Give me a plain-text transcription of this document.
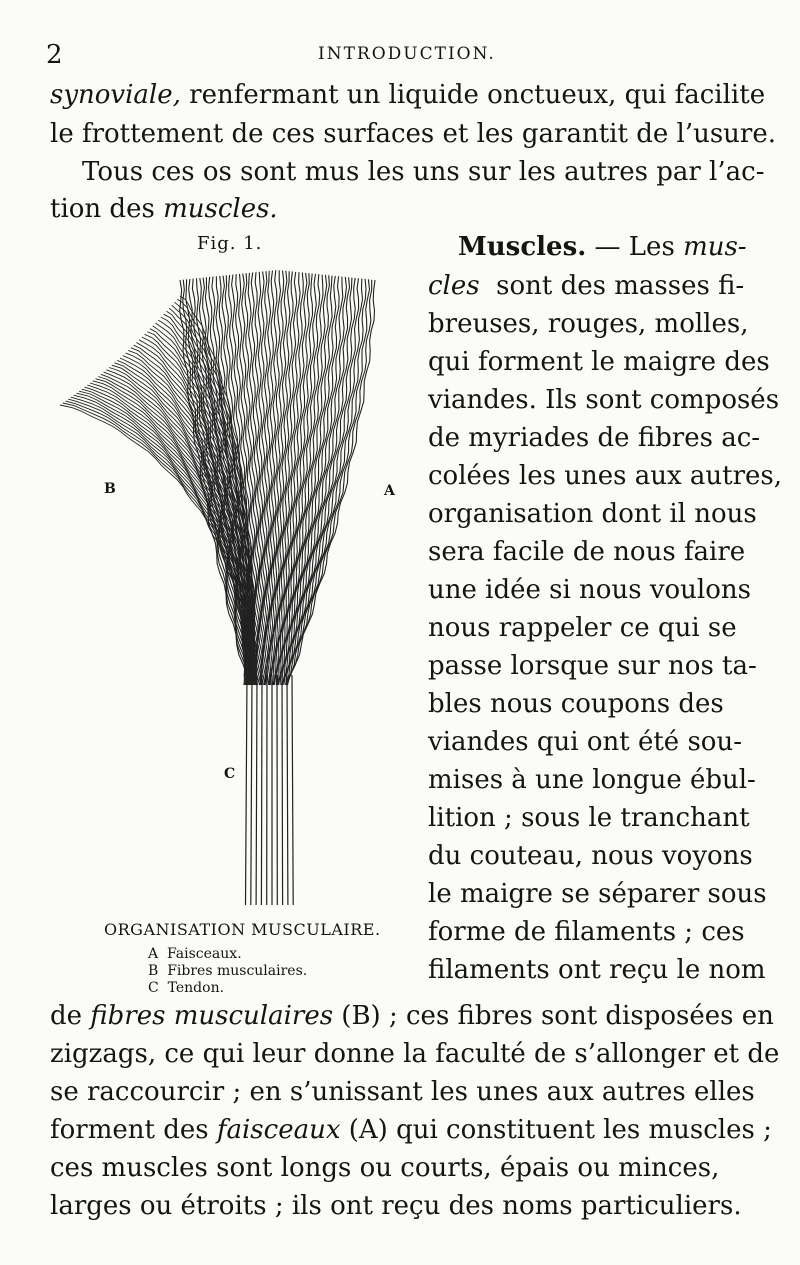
2	INTRODUCTION.
synoviale, renfermant un liquide onctueux, qui facilite
le frottement de ces surfaces et les garantit de l’usure.
Tous ces os sont mus les uns sur les autres par l’ac-
tion des muscles.
Fig. 1.
B	A
C
ORGANISATION MUSCULAIRE.
A Faisceaux.
B Fibres musculaires.
C Tendon.
Muscles. — Les mus-
cles sont des masses fi-
breuses, rouges, molles,
qui forment le maigre des
viandes. Ils sont composés
de myriades de fibres ac-
colées les unes aux autres,
organisation dont il nous
sera facile de nous faire
une idée si nous voulons
nous rappeler ce qui se
passe lorsque sur nos ta-
bles nous coupons des
viandes qui ont été sou-
mises à une longue ébul-
lition ; sous le tranchant
du couteau, nous voyons
le maigre se séparer sous
forme de filaments ; ces
filaments ont reçu le nom
de fibres musculaires (B) ; ces fibres sont disposées en
zigzags, ce qui leur donne la faculté de s’allonger et de
se raccourcir ; en s’unissant les unes aux autres elles
forment des faisceaux (A) qui constituent les muscles ;
ces muscles sont longs ou courts, épais ou minces,
larges ou étroits ; ils ont reçu des noms particuliers.
